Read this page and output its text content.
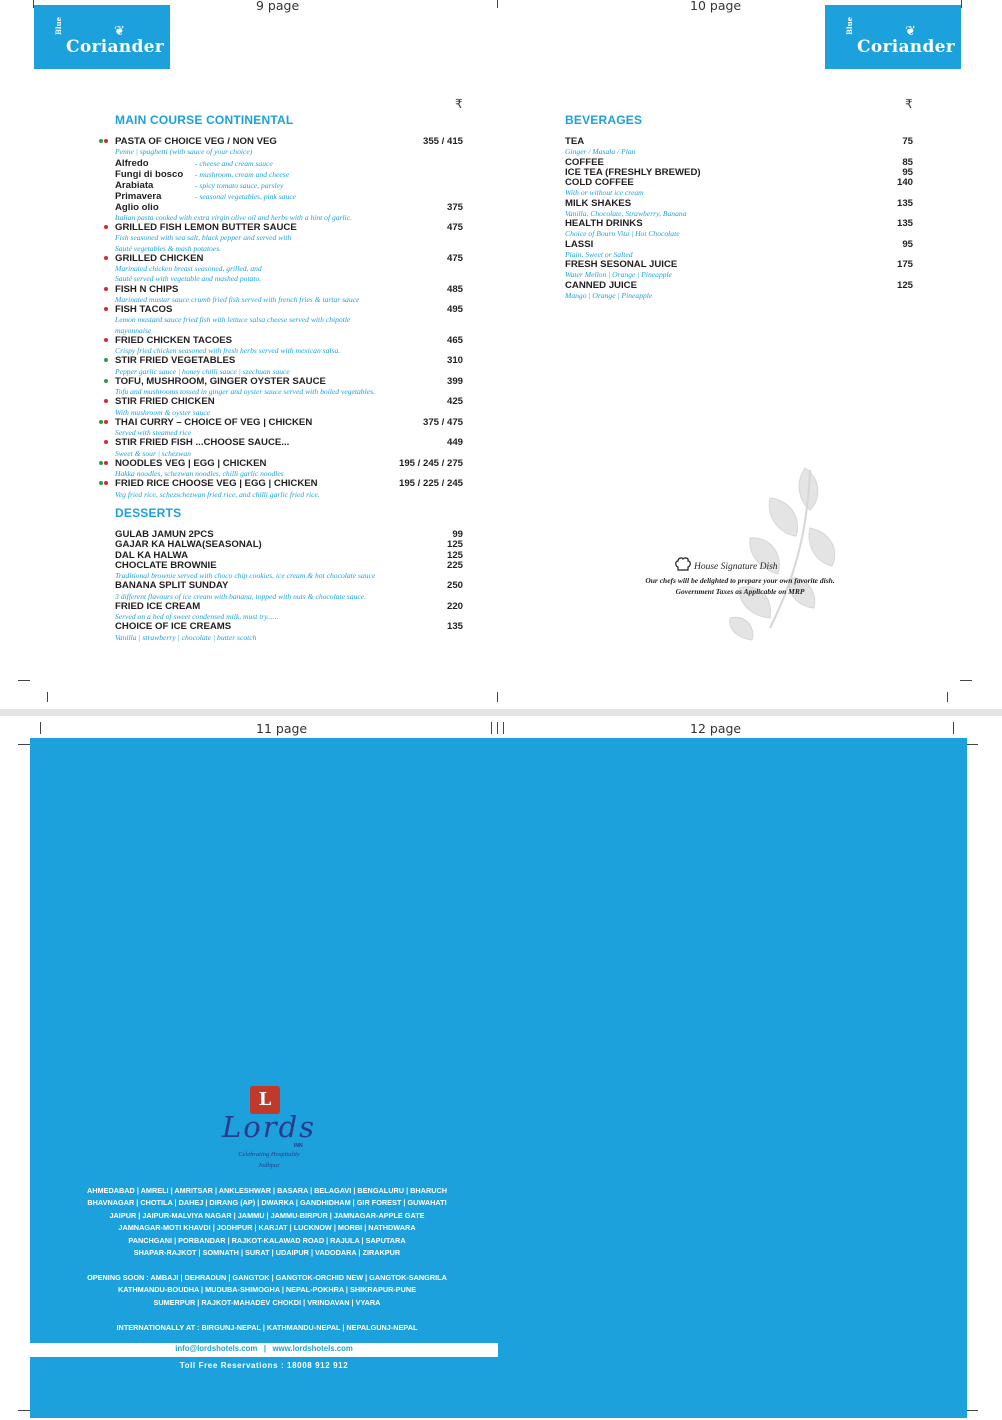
9 page	10 page
Blue	❦
Coriander
Blue	❦
Coriander
₹	₹
MAIN COURSE CONTINENTAL
PASTA OF CHOICE VEG / NON VEG	355 / 415
Penne | spaghetti (with sauce of your choice)
Alfredo	- cheese and cream sauce
Fungi di bosco - mushroom, cream and cheese
Arabiata	- spicy tomato sauce, parsley
Primavera	- seasonal vegetables, pink sauce
Aglio olio	375
Italian pasta cooked with extra virgin olive oil and herbs with a hint of garlic.
GRILLED FISH LEMON BUTTER SAUCE	475
Fish seasoned with sea salt, black pepper and served with
Sauté vegetables & mash potatoes.
GRILLED CHICKEN	475
Marinated chicken breast seasoned, grilled, and
Sauté served with vegetable and mashed potato.
FISH N CHIPS	485
Marinated mustar sauce crumb fried fish served with french fries & tartar sauce
FISH TACOS	495
Lemon mustard sauce fried fish with lettuce salsa cheese served with chipotle
mayonnaise
FRIED CHICKEN TACOES	465
Crispy fried chicken seasoned with fresh herbs served with mexican salsa.
STIR FRIED VEGETABLES	310
Pepper garlic sauce | honey chilli sauce | szechuan sauce
TOFU, MUSHROOM, GINGER OYSTER SAUCE	399
Tofu and mushrooms tossed in ginger and oyster sauce served with boiled vegetables.
STIR FRIED CHICKEN	425
With mushroom & oyster sauce
THAI CURRY – CHOICE OF VEG | CHICKEN	375 / 475
Served with steamed rice
STIR FRIED FISH ...CHOOSE SAUCE...	449
Sweet & sour | schezwan
NOODLES VEG | EGG | CHICKEN	195 / 245 / 275
Hakka noodles, schezwan noodles, chilli garlic noodles
FRIED RICE CHOOSE VEG | EGG | CHICKEN	195 / 225 / 245
Veg fried rice, schezschezwan fried rice, and chilli garlic fried rice.
DESSERTS
GULAB JAMUN 2PCS	99
GAJAR KA HALWA(SEASONAL)	125
DAL KA HALWA	125
CHOCLATE BROWNIE	225
Traditional brownie served with choco chip cookies, ice cream & hot chocolate sauce
BANANA SPLIT SUNDAY	250
3 different flavours of ice cream with banana, topped with nuts & chocolate sauce.
FRIED ICE CREAM	220
Served on a bed of sweet condensed milk, must try......
CHOICE OF ICE CREAMS	135
Vanilla | strawberry | chocolate | butter scotch
BEVERAGES
TEA	75
Ginger / Masala / Plan
COFFEE	85
ICE TEA (FRESHLY BREWED)	95
COLD COFFEE	140
With or without ice cream
MILK SHAKES	135
Vanilla, Chocolate, Strawberry, Banana
HEALTH DRINKS	135
Choice of Bourn Vita | Hot Chocolate
LASSI	95
Plain, Sweet or Salted
FRESH SESONAL JUICE	175
Water Mellon | Orange | Pineapple
CANNED JUICE	125
Mango | Orange | Pineapple
House Signature Dish
Our chefs will be delighted to prepare your own favorite dish.
Government Taxes as Applicable on MRP
11 page	12 page
L
Lords
INN
Celebrating Hospitality
Jodhpur
AHMEDABAD | AMRELI | AMRITSAR | ANKLESHWAR | BASARA | BELAGAVI | BENGALURU | BHARUCH
BHAVNAGAR | CHOTILA | DAHEJ | DIRANG (AP) | DWARKA | GANDHIDHAM | GIR FOREST | GUWAHATI
JAIPUR | JAIPUR-MALVIYA NAGAR | JAMMU | JAMMU-BIRPUR | JAMNAGAR-APPLE GATE
JAMNAGAR-MOTI KHAVDI | JODHPUR | KARJAT | LUCKNOW | MORBI | NATHDWARA
PANCHGANI | PORBANDAR | RAJKOT-KALAWAD ROAD | RAJULA | SAPUTARA
SHAPAR-RAJKOT | SOMNATH | SURAT | UDAIPUR | VADODARA | ZIRAKPUR
OPENING SOON : AMBAJI | DEHRADUN | GANGTOK | GANGTOK-ORCHID NEW | GANGTOK-SANGRILA
KATHMANDU-BOUDHA | MUDUBA-SHIMOGHA | NEPAL-POKHRA | SHIKRAPUR-PUNE
SUMERPUR | RAJKOT-MAHADEV CHOKDI | VRINDAVAN | VYARA
INTERNATIONALLY AT : BIRGUNJ-NEPAL | KATHMANDU-NEPAL | NEPALGUNJ-NEPAL
info@lordshotels.com   |   www.lordshotels.com
Toll Free Reservations : 18008 912 912
